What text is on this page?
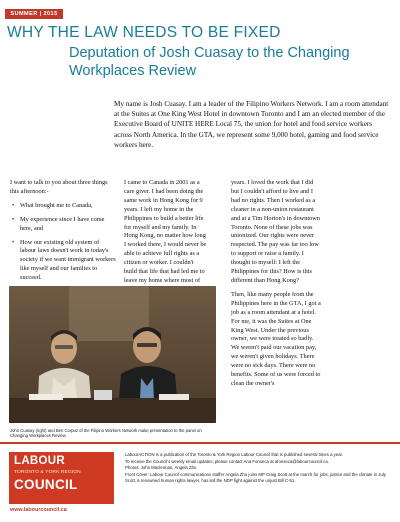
SUMMER | 2015
WHY THE LAW NEEDS TO BE FIXED
Deputation of Josh Cuasay to the Changing Workplaces Review
My name is Josh Cuasay. I am a leader of the Filipino Workers Network. I am a room attendant at the Suites at One King West Hotel in downtown Toronto and I am an elected member of the Executive Board of UNITE HERE Local 75, the union for hotel and food service workers across North America. In the GTA, we represent some 9,000 hotel, gaming and food service workers here.

I want to talk to you about three things this afternoon:-

• What brought me to Canada,
• My experience since I have come here, and
• How our existing old system of labour laws doesn't work in today's society if we want immigrant workers like myself and our families to succeed.

I came to Canada in 2001 as a care giver. I had been doing the same work in Hong Kong for 9 years. I left my home in the Philippines to build a better life for myself and my family. In Hong Kong, no matter how long I worked there, I would never be able to achieve full rights as a citizen or worker. I couldn't build that life that had led me to leave my home where most of

years. I loved the work that I did but I couldn't afford to live and I had no rights. Then I worked as a cleaner in a non-union restaurant and at a Tim Horton's in downtown Toronto. None of these jobs was unionized. Our rights were never respected. The pay was far too low to support or raise a family. I thought to myself: I left the Philippines for this? How is this different than Hong Kong?

Then, like many people from the Philippines here in the GTA, I got a job as a room attendant at a hotel. For me, it was the Suites at One King West. Under the previous owner, we were treated so badly. We weren't paid our vacation pay, we weren't given holidays. There were no sick days. There were no benefits. Some of us were forced to clean the owner's

John Cuasay (right) and Ben Corpuz of the Filipino Workers Network make presentation to the panel on Changing Workplaces Review.
LABOUR
TORONTO & YORK REGION
COUNCIL
www.labourcouncil.ca

LabourACTION is a publication of the Toronto & York Region Labour Council that is published several times a year.

To receive the Council's weekly email updates, please contact Ana Fonseca at afonseca@labourcouncil.ca.

Photos: John Maclennan, Angela Zhu

Front Cover: Labour Council communications staffer Angela Zhu joins MP Craig Scott at the march for jobs, justice and the climate in July. Scott, a renowned human rights lawyer, has led the NDP fight against the unjust Bill C-51.
